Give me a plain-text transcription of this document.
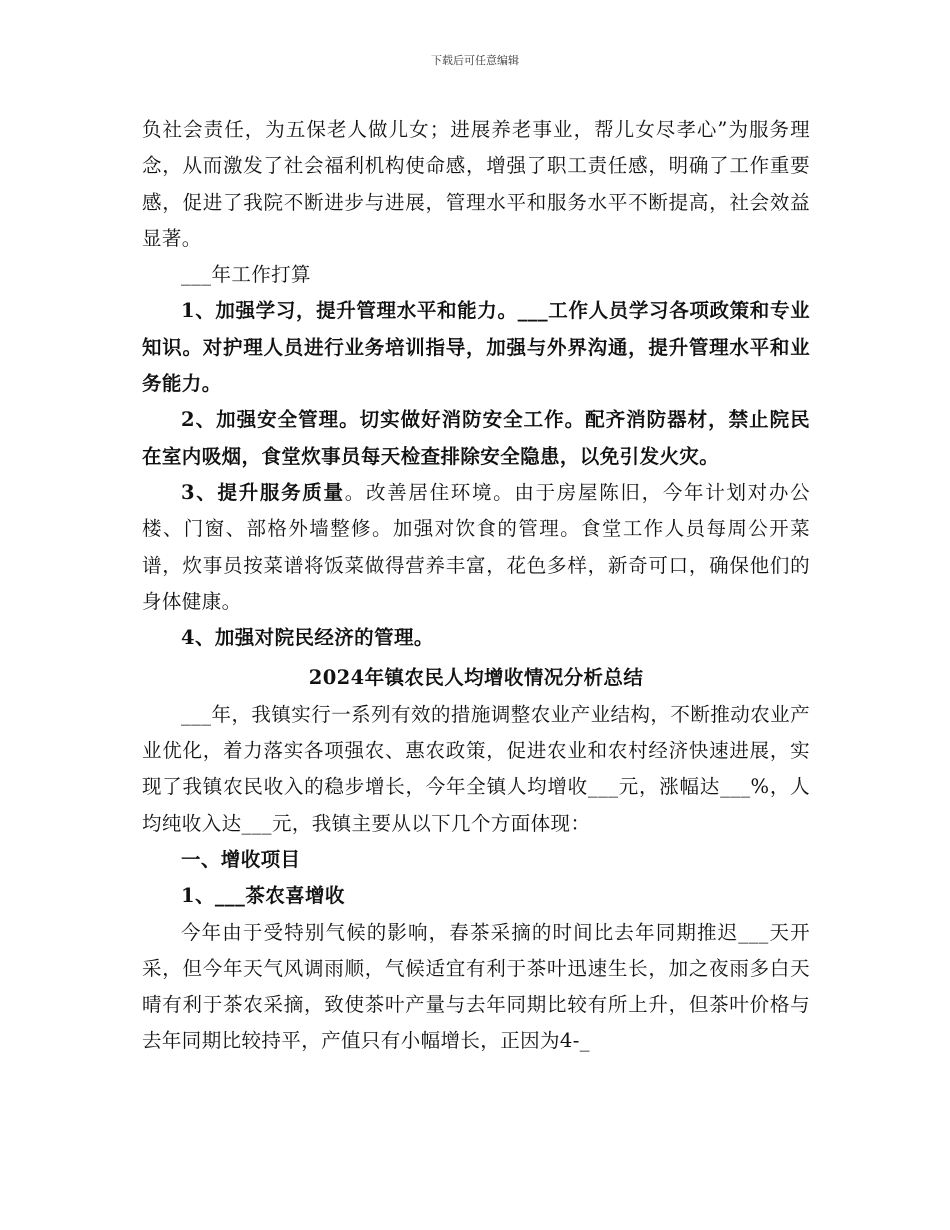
下载后可任意编辑

负社会责任，为五保老人做儿女；进展养老事业，帮儿女尽孝心”为服务理念，从而激发了社会福利机构使命感，增强了职工责任感，明确了工作重要感，促进了我院不断进步与进展，管理水平和服务水平不断提高，社会效益显著。

___年工作打算

1、加强学习，提升管理水平和能力。___工作人员学习各项政策和专业知识。对护理人员进行业务培训指导，加强与外界沟通，提升管理水平和业务能力。

2、加强安全管理。切实做好消防安全工作。配齐消防器材，禁止院民在室内吸烟，食堂炊事员每天检查排除安全隐患，以免引发火灾。

3、提升服务质量。改善居住环境。由于房屋陈旧，今年计划对办公楼、门窗、部格外墙整修。加强对饮食的管理。食堂工作人员每周公开菜谱，炊事员按菜谱将饭菜做得营养丰富，花色多样，新奇可口，确保他们的身体健康。

4、加强对院民经济的管理。

2024年镇农民人均增收情况分析总结

___年，我镇实行一系列有效的措施调整农业产业结构，不断推动农业产业优化，着力落实各项强农、惠农政策，促进农业和农村经济快速进展，实现了我镇农民收入的稳步增长，今年全镇人均增收___元，涨幅达___%，人均纯收入达___元，我镇主要从以下几个方面体现：

一、增收项目

1、___茶农喜增收

今年由于受特别气候的影响，春茶采摘的时间比去年同期推迟___天开采，但今年天气风调雨顺，气候适宜有利于茶叶迅速生长，加之夜雨多白天晴有利于茶农采摘，致使茶叶产量与去年同期比较有所上升，但茶叶价格与去年同期比较持平，产值只有小幅增长，正因为4-_
